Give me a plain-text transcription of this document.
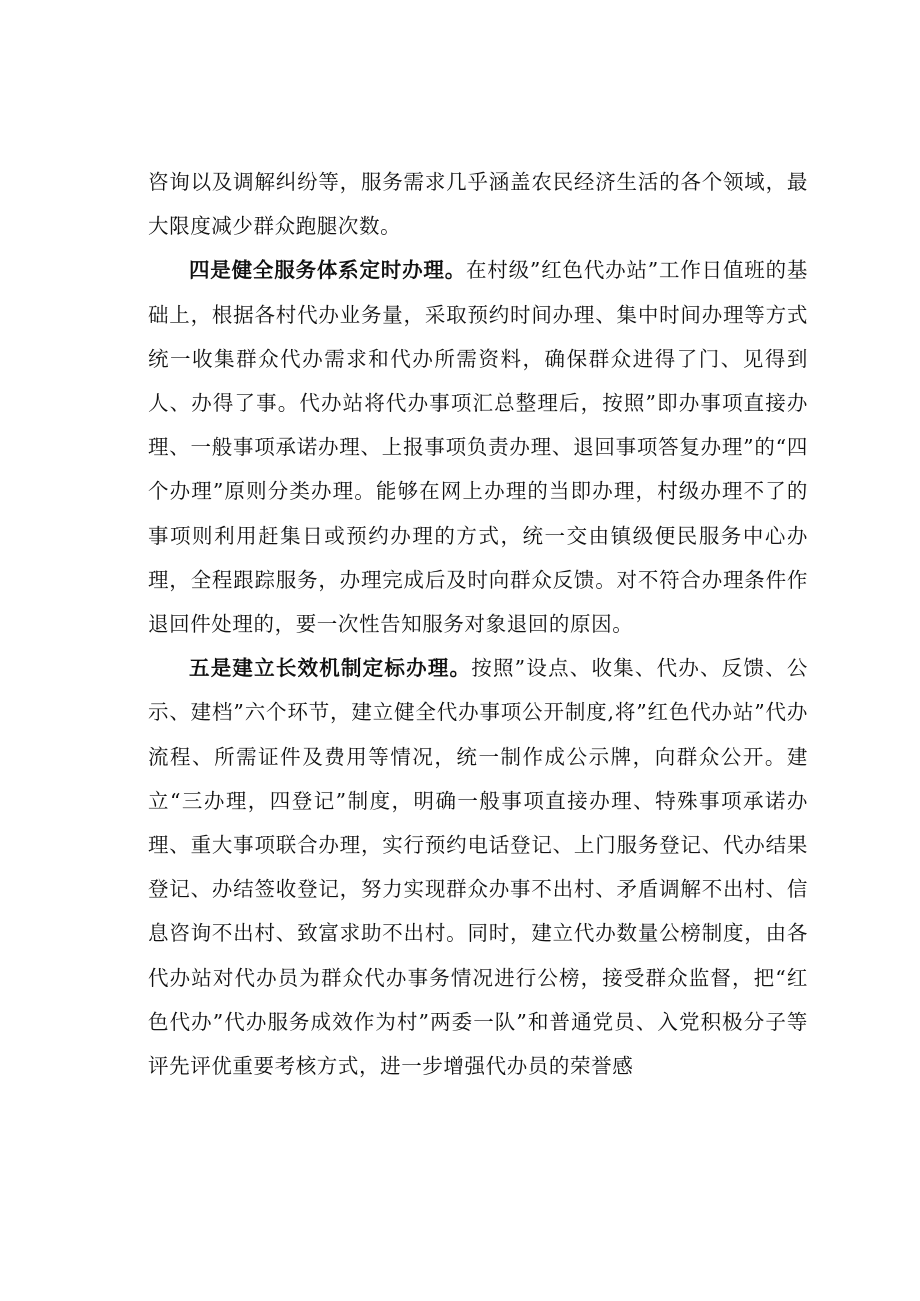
咨询以及调解纠纷等，服务需求几乎涵盖农民经济生活的各个领域，最大限度减少群众跑腿次数。

四是健全服务体系定时办理。在村级”红色代办站”工作日值班的基础上，根据各村代办业务量，采取预约时间办理、集中时间办理等方式统一收集群众代办需求和代办所需资料，确保群众进得了门、见得到人、办得了事。代办站将代办事项汇总整理后，按照”即办事项直接办理、一般事项承诺办理、上报事项负责办理、退回事项答复办理”的“四个办理”原则分类办理。能够在网上办理的当即办理，村级办理不了的事项则利用赶集日或预约办理的方式，统一交由镇级便民服务中心办理，全程跟踪服务，办理完成后及时向群众反馈。对不符合办理条件作退回件处理的，要一次性告知服务对象退回的原因。

五是建立长效机制定标办理。按照”设点、收集、代办、反馈、公示、建档”六个环节，建立健全代办事项公开制度,将”红色代办站”代办流程、所需证件及费用等情况，统一制作成公示牌，向群众公开。建立“三办理，四登记”制度，明确一般事项直接办理、特殊事项承诺办理、重大事项联合办理，实行预约电话登记、上门服务登记、代办结果登记、办结签收登记，努力实现群众办事不出村、矛盾调解不出村、信息咨询不出村、致富求助不出村。同时，建立代办数量公榜制度，由各代办站对代办员为群众代办事务情况进行公榜，接受群众监督，把“红色代办”代办服务成效作为村”两委一队”和普通党员、入党积极分子等评先评优重要考核方式，进一步增强代办员的荣誉感
